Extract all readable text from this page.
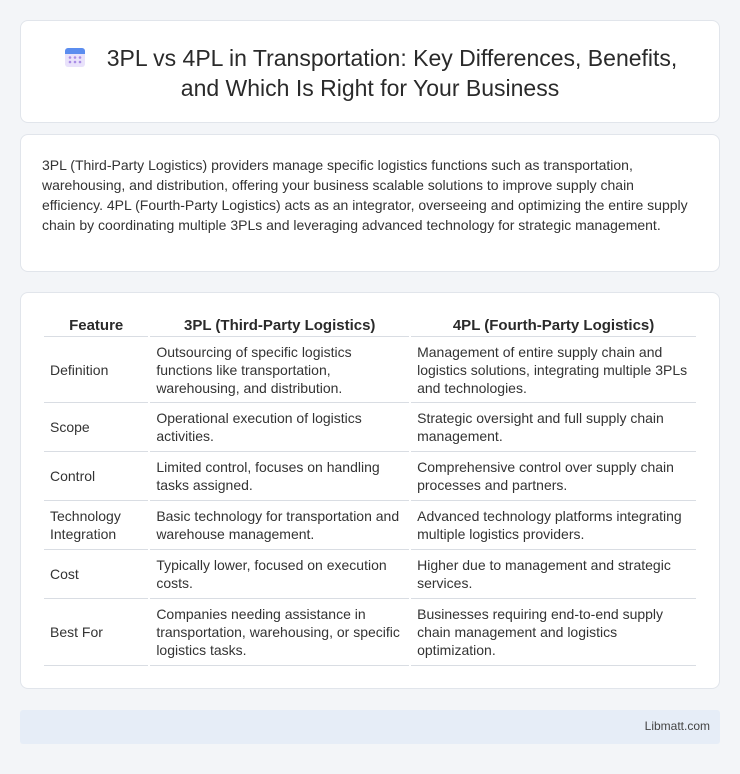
3PL vs 4PL in Transportation: Key Differences, Benefits, and Which Is Right for Your Business

3PL (Third-Party Logistics) providers manage specific logistics functions such as transportation, warehousing, and distribution, offering your business scalable solutions to improve supply chain efficiency. 4PL (Fourth-Party Logistics) acts as an integrator, overseeing and optimizing the entire supply chain by coordinating multiple 3PLs and leveraging advanced technology for strategic management.

Feature	3PL (Third-Party Logistics)	4PL (Fourth-Party Logistics)
Definition	Outsourcing of specific logistics functions like transportation, warehousing, and distribution.	Management of entire supply chain and logistics solutions, integrating multiple 3PLs and technologies.
Scope	Operational execution of logistics activities.	Strategic oversight and full supply chain management.
Control	Limited control, focuses on handling tasks assigned.	Comprehensive control over supply chain processes and partners.
Technology Integration	Basic technology for transportation and warehouse management.	Advanced technology platforms integrating multiple logistics providers.
Cost	Typically lower, focused on execution costs.	Higher due to management and strategic services.
Best For	Companies needing assistance in transportation, warehousing, or specific logistics tasks.	Businesses requiring end-to-end supply chain management and logistics optimization.
Libmatt.com
